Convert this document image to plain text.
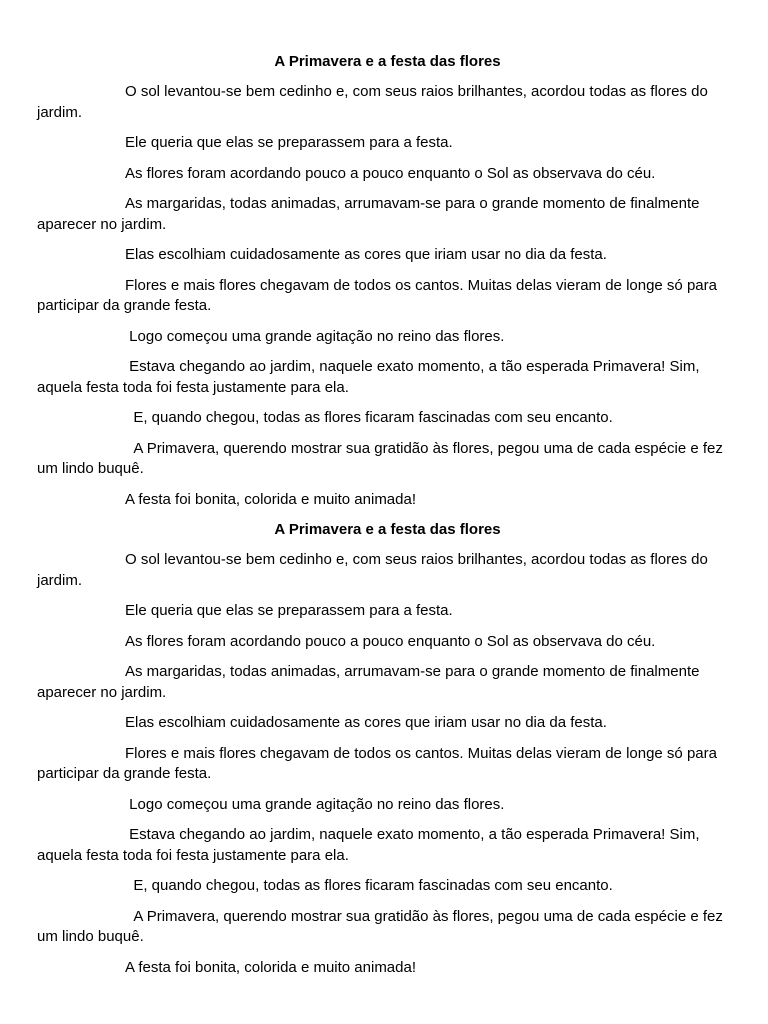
A Primavera e a festa das flores

O sol levantou-se bem cedinho e, com seus raios brilhantes, acordou todas as flores do jardim.

Ele queria que elas se preparassem para a festa.

As flores foram acordando pouco a pouco enquanto o Sol as observava do céu.

As margaridas, todas animadas, arrumavam-se para o grande momento de finalmente aparecer no jardim.

Elas escolhiam cuidadosamente as cores que iriam usar no dia da festa.

Flores e mais flores chegavam de todos os cantos. Muitas delas vieram de longe só para participar da grande festa.

Logo começou uma grande agitação no reino das flores.

Estava chegando ao jardim, naquele exato momento, a tão esperada Primavera! Sim, aquela festa toda foi festa justamente para ela.

E, quando chegou, todas as flores ficaram fascinadas com seu encanto.

A Primavera, querendo mostrar sua gratidão às flores, pegou uma de cada espécie e fez um lindo buquê.

A festa foi bonita, colorida e muito animada!

A Primavera e a festa das flores

O sol levantou-se bem cedinho e, com seus raios brilhantes, acordou todas as flores do jardim.

Ele queria que elas se preparassem para a festa.

As flores foram acordando pouco a pouco enquanto o Sol as observava do céu.

As margaridas, todas animadas, arrumavam-se para o grande momento de finalmente aparecer no jardim.

Elas escolhiam cuidadosamente as cores que iriam usar no dia da festa.

Flores e mais flores chegavam de todos os cantos. Muitas delas vieram de longe só para participar da grande festa.

Logo começou uma grande agitação no reino das flores.

Estava chegando ao jardim, naquele exato momento, a tão esperada Primavera! Sim, aquela festa toda foi festa justamente para ela.

E, quando chegou, todas as flores ficaram fascinadas com seu encanto.

A Primavera, querendo mostrar sua gratidão às flores, pegou uma de cada espécie e fez um lindo buquê.

A festa foi bonita, colorida e muito animada!
